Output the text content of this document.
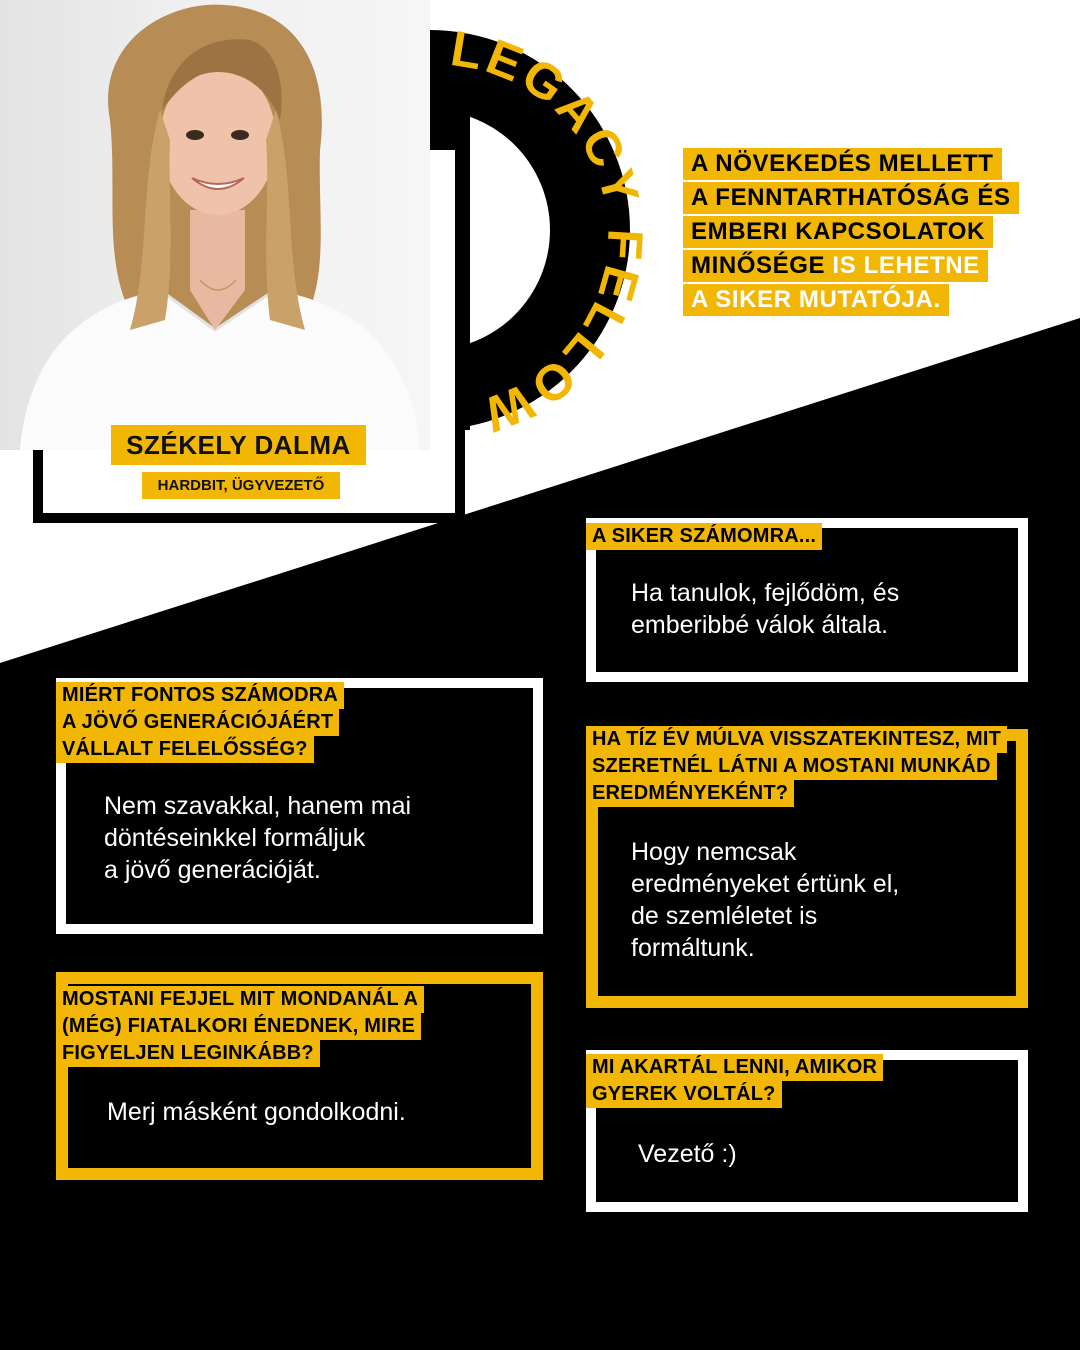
LEGACY FELLOW
SZÉKELY DALMA
HARDBIT, ÜGYVEZETŐ
A NÖVEKEDÉS MELLETT
A FENNTARTHATÓSÁG ÉS
EMBERI KAPCSOLATOK
MINŐSÉGE IS LEHETNE
A SIKER MUTATÓJA.
A SIKER SZÁMOMRA...
Ha tanulok, fejlődöm, és
emberibbé válok általa.
MIÉRT FONTOS SZÁMODRA
A JÖVŐ GENERÁCIÓJÁÉRT
VÁLLALT FELELŐSSÉG?
Nem szavakkal, hanem mai
döntéseinkkel formáljuk
a jövő generációját.
HA TÍZ ÉV MÚLVA VISSZATEKINTESZ, MIT
SZERETNÉL LÁTNI A MOSTANI MUNKÁD
EREDMÉNYEKÉNT?
Hogy nemcsak
eredményeket értünk el,
de szemléletet is
formáltunk.
MOSTANI FEJJEL MIT MONDANÁL A
(MÉG) FIATALKORI ÉNEDNEK, MIRE
FIGYELJEN LEGINKÁBB?
Merj másként gondolkodni.
MI AKARTÁL LENNI, AMIKOR
GYEREK VOLTÁL?
Vezető :)
